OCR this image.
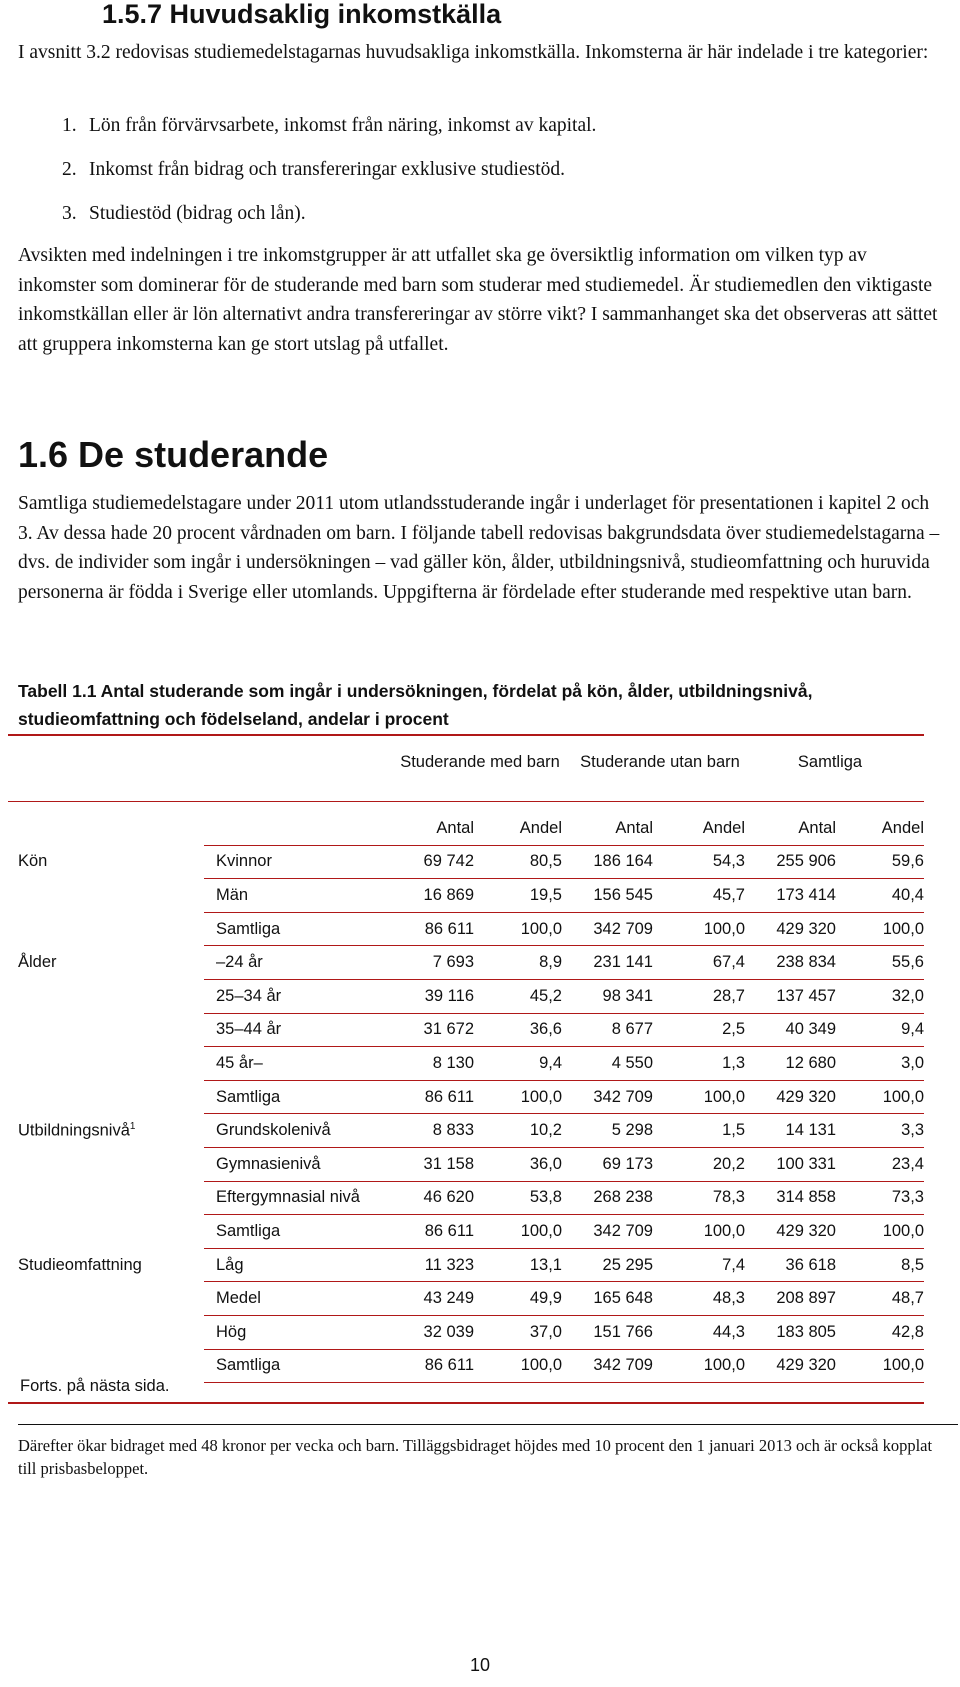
1.5.7 Huvudsaklig inkomstkälla

I avsnitt 3.2 redovisas studiemedelstagarnas huvudsakliga inkomstkälla. Inkomsterna är här indelade i tre kategorier:

1. Lön från förvärvsarbete, inkomst från näring, inkomst av kapital.
2. Inkomst från bidrag och transfereringar exklusive studiestöd.
3. Studiestöd (bidrag och lån).

Avsikten med indelningen i tre inkomstgrupper är att utfallet ska ge översiktlig information om vilken typ av inkomster som dominerar för de studerande med barn som studerar med studiemedel. Är studiemedlen den viktigaste inkomstkällan eller är lön alternativt andra transfereringar av större vikt? I sammanhanget ska det observeras att sättet att gruppera inkomsterna kan ge stort utslag på utfallet.

1.6 De studerande

Samtliga studiemedelstagare under 2011 utom utlandsstuderande ingår i underlaget för presentationen i kapitel 2 och 3. Av dessa hade 20 procent vårdnaden om barn. I följande tabell redovisas bakgrundsdata över studiemedelstagarna – dvs. de individer som ingår i undersökningen – vad gäller kön, ålder, utbildningsnivå, studieomfattning och huruvida personerna är födda i Sverige eller utomlands. Uppgifterna är fördelade efter studerande med respektive utan barn.

Tabell 1.1 Antal studerande som ingår i undersökningen, fördelat på kön, ålder, utbildningsnivå,

studieomfattning och födelseland, andelar i procent

Studerande med barn	Studerande utan barn	Samtliga
		Antal	Andel	Antal	Andel	Antal	Andel
Kön	Kvinnor	69 742	80,5	186 164	54,3	255 906	59,6
	Män	16 869	19,5	156 545	45,7	173 414	40,4
	Samtliga	86 611	100,0	342 709	100,0	429 320	100,0
Ålder	–24 år	7 693	8,9	231 141	67,4	238 834	55,6
	25–34 år	39 116	45,2	98 341	28,7	137 457	32,0
	35–44 år	31 672	36,6	8 677	2,5	40 349	9,4
	45 år–	8 130	9,4	4 550	1,3	12 680	3,0
	Samtliga	86 611	100,0	342 709	100,0	429 320	100,0
Utbildningsnivå$^1$	Grundskolenivå	8 833	10,2	5 298	1,5	14 131	3,3
	Gymnasienivå	31 158	36,0	69 173	20,2	100 331	23,4
	Eftergymnasial nivå	46 620	53,8	268 238	78,3	314 858	73,3
	Samtliga	86 611	100,0	342 709	100,0	429 320	100,0
Studieomfattning	Låg	11 323	13,1	25 295	7,4	36 618	8,5
	Medel	43 249	49,9	165 648	48,3	208 897	48,7
	Hög	32 039	37,0	151 766	44,3	183 805	42,8
	Samtliga	86 611	100,0	342 709	100,0	429 320	100,0
Forts. på nästa sida.

Därefter ökar bidraget med 48 kronor per vecka och barn. Tilläggsbidraget höjdes med 10 procent den 1 januari 2013 och är också kopplat till prisbasbeloppet.

10
